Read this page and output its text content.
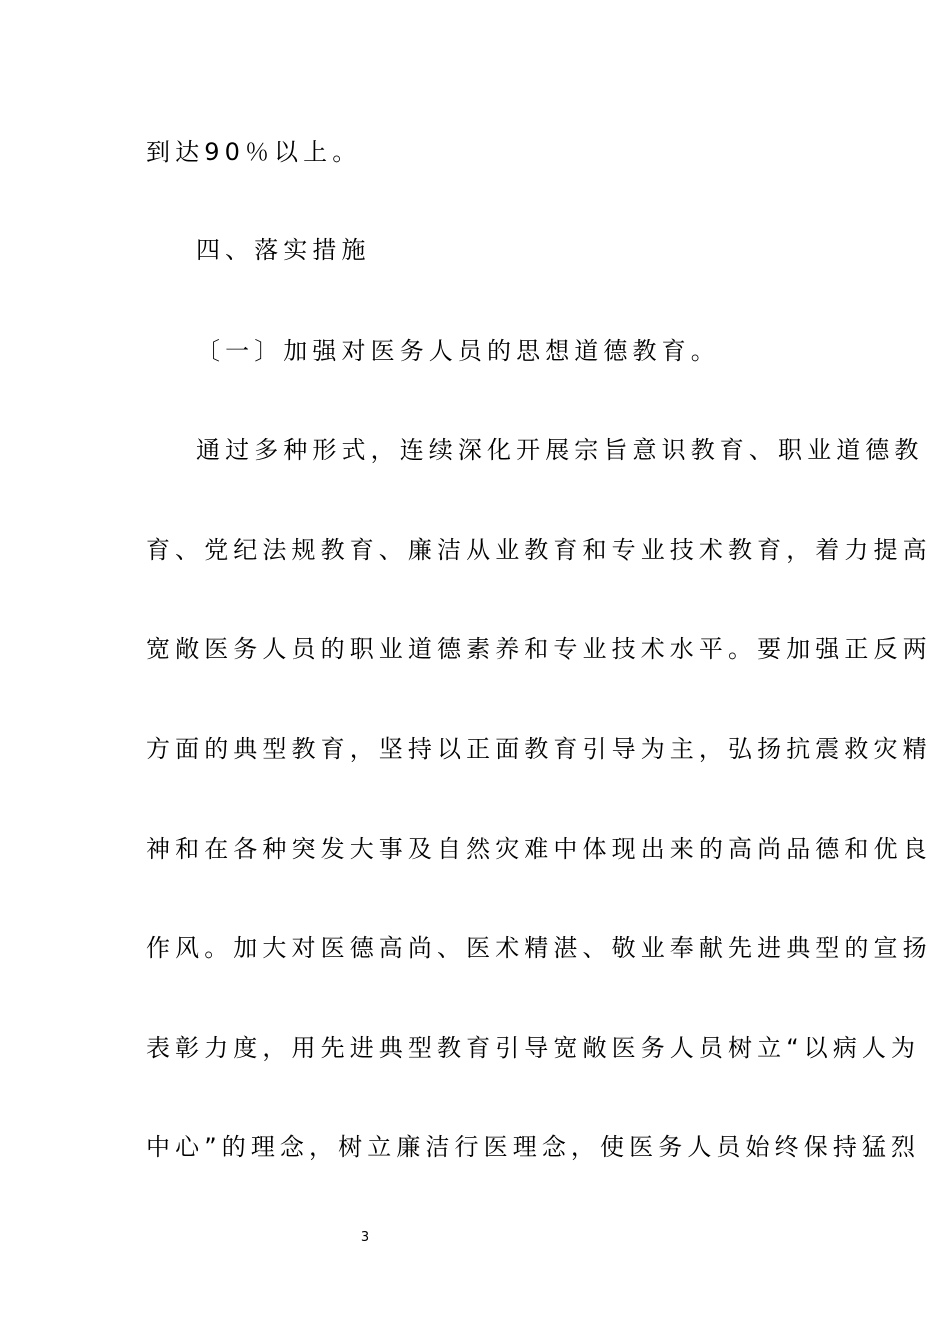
到达90％以上。
四、落实措施
〔一〕加强对医务人员的思想道德教育。
通过多种形式，连续深化开展宗旨意识教育、职业道德教
育、党纪法规教育、廉洁从业教育和专业技术教育，着力提高
宽敞医务人员的职业道德素养和专业技术水平。要加强正反两
方面的典型教育，坚持以正面教育引导为主，弘扬抗震救灾精
神和在各种突发大事及自然灾难中体现出来的高尚品德和优良
作风。加大对医德高尚、医术精湛、敬业奉献先进典型的宣扬
表彰力度，用先进典型教育引导宽敞医务人员树立“以病人为
中心”的理念，树立廉洁行医理念，使医务人员始终保持猛烈
3
